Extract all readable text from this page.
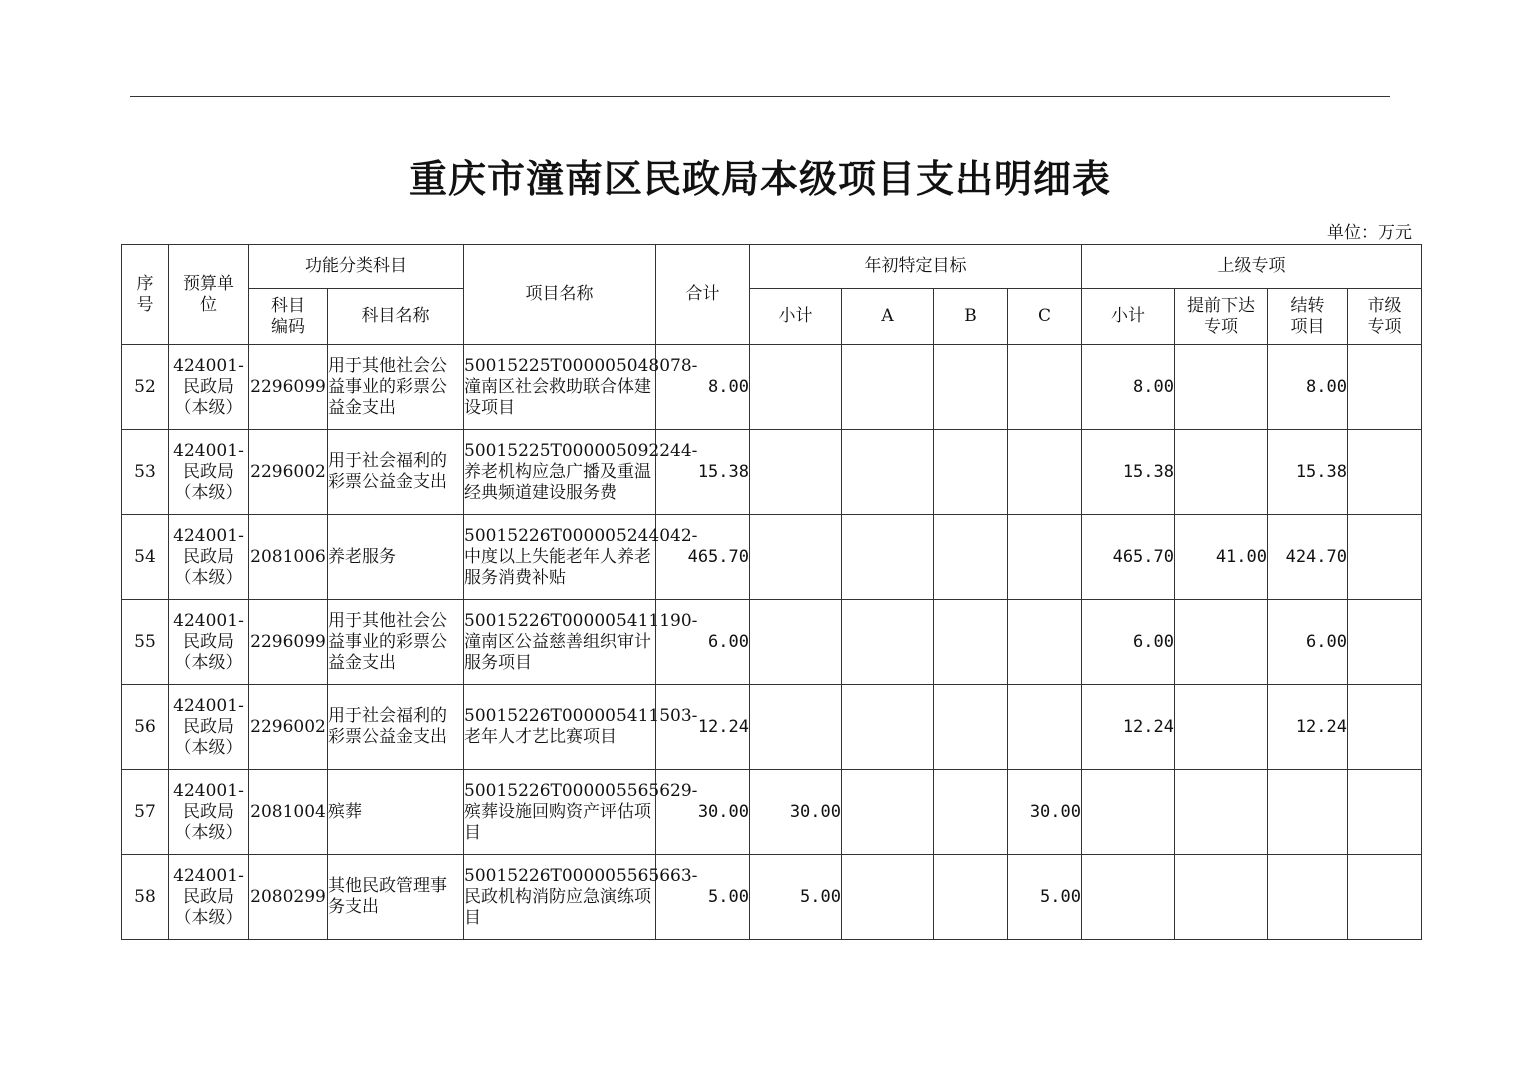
重庆市潼南区民政局本级项目支出明细表
单位：万元
序号	预算单位	功能分类科目		项目名称	合计	年初特定目标				上级专项			

		科目编码	科目名称			小计	A	B	C	小计	提前下达专项	结转项目	市级专项

52	424001-
民政局
（本级）	2296099	用于其他社会公益事业的彩票公益金支出	50015225T000005048078-潼南区社会救助联合体建设项目	8.00					8.00		8.00	
53	424001-
民政局
（本级）	2296002	用于社会福利的彩票公益金支出	50015225T000005092244-养老机构应急广播及重温经典频道建设服务费	15.38					15.38		15.38	
54	424001-
民政局
（本级）	2081006	养老服务	50015226T000005244042-中度以上失能老年人养老服务消费补贴	465.70					465.70	41.00	424.70	
55	424001-
民政局
（本级）	2296099	用于其他社会公益事业的彩票公益金支出	50015226T000005411190-潼南区公益慈善组织审计服务项目	6.00					6.00		6.00	
56	424001-
民政局
（本级）	2296002	用于社会福利的彩票公益金支出	50015226T000005411503-老年人才艺比赛项目	12.24					12.24		12.24	
57	424001-
民政局
（本级）	2081004	殡葬	50015226T000005565629-殡葬设施回购资产评估项目	30.00	30.00			30.00				
58	424001-
民政局
（本级）	2080299	其他民政管理事务支出	50015226T000005565663-民政机构消防应急演练项目	5.00	5.00			5.00				
